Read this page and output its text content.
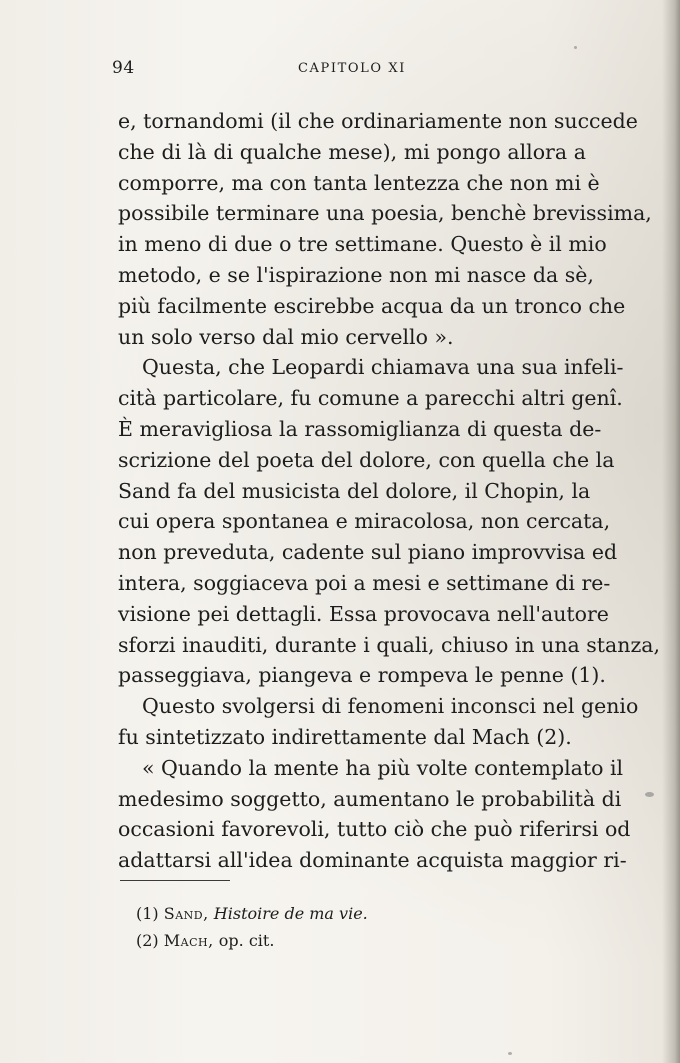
94	CAPITOLO XI
e, tornandomi (il che ordinariamente non succede
che di là di qualche mese), mi pongo allora a
comporre, ma con tanta lentezza che non mi è
possibile terminare una poesia, benchè brevissima,
in meno di due o tre settimane. Questo è il mio
metodo, e se l'ispirazione non mi nasce da sè,
più facilmente escirebbe acqua da un tronco che
un solo verso dal mio cervello ».
Questa, che Leopardi chiamava una sua infeli-
cità particolare, fu comune a parecchi altri genî.
È meravigliosa la rassomiglianza di questa de-
scrizione del poeta del dolore, con quella che la
Sand fa del musicista del dolore, il Chopin, la
cui opera spontanea e miracolosa, non cercata,
non preveduta, cadente sul piano improvvisa ed
intera, soggiaceva poi a mesi e settimane di re-
visione pei dettagli. Essa provocava nell'autore
sforzi inauditi, durante i quali, chiuso in una stanza,
passeggiava, piangeva e rompeva le penne (1).
Questo svolgersi di fenomeni inconsci nel genio
fu sintetizzato indirettamente dal Mach (2).
« Quando la mente ha più volte contemplato il
medesimo soggetto, aumentano le probabilità di
occasioni favorevoli, tutto ciò che può riferirsi od
adattarsi all'idea dominante acquista maggior ri-
(1) Sand, Histoire de ma vie.
(2) Mach, op. cit.
